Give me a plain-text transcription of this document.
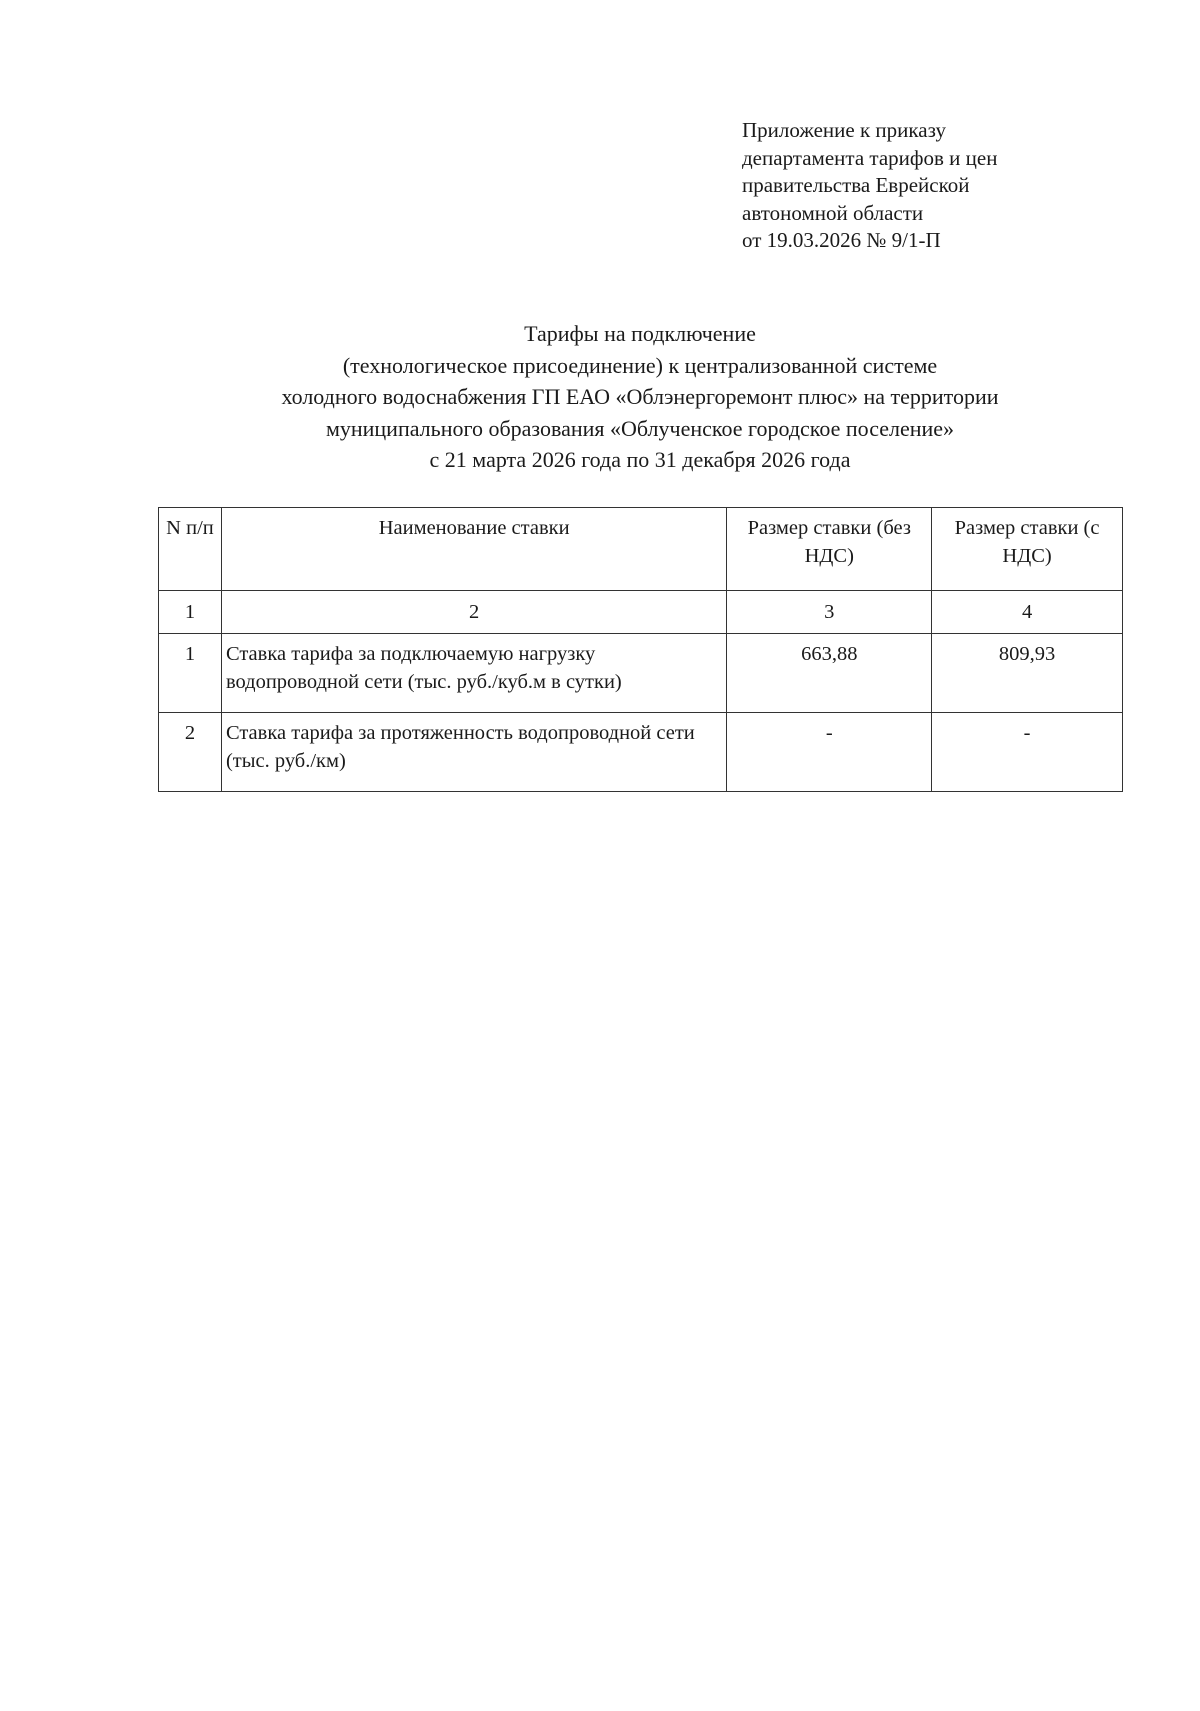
Приложение к приказу
департамента тарифов и цен
правительства Еврейской
автономной области
от 19.03.2026 № 9/1-П
Тарифы на подключение
(технологическое присоединение) к централизованной системе
холодного водоснабжения ГП ЕАО «Облэнергоремонт плюс» на территории
муниципального образования «Облученское городское поселение»
с 21 марта 2026 года по 31 декабря 2026 года
N п/п	Наименование ставки	Размер ставки (без НДС)	Размер ставки (с НДС)
1	2	3	4
1	Ставка тарифа за подключаемую нагрузку водопроводной сети (тыс. руб./куб.м в сутки)	663,88	809,93
2	Ставка тарифа за протяженность водопроводной сети (тыс. руб./км)	-	-
